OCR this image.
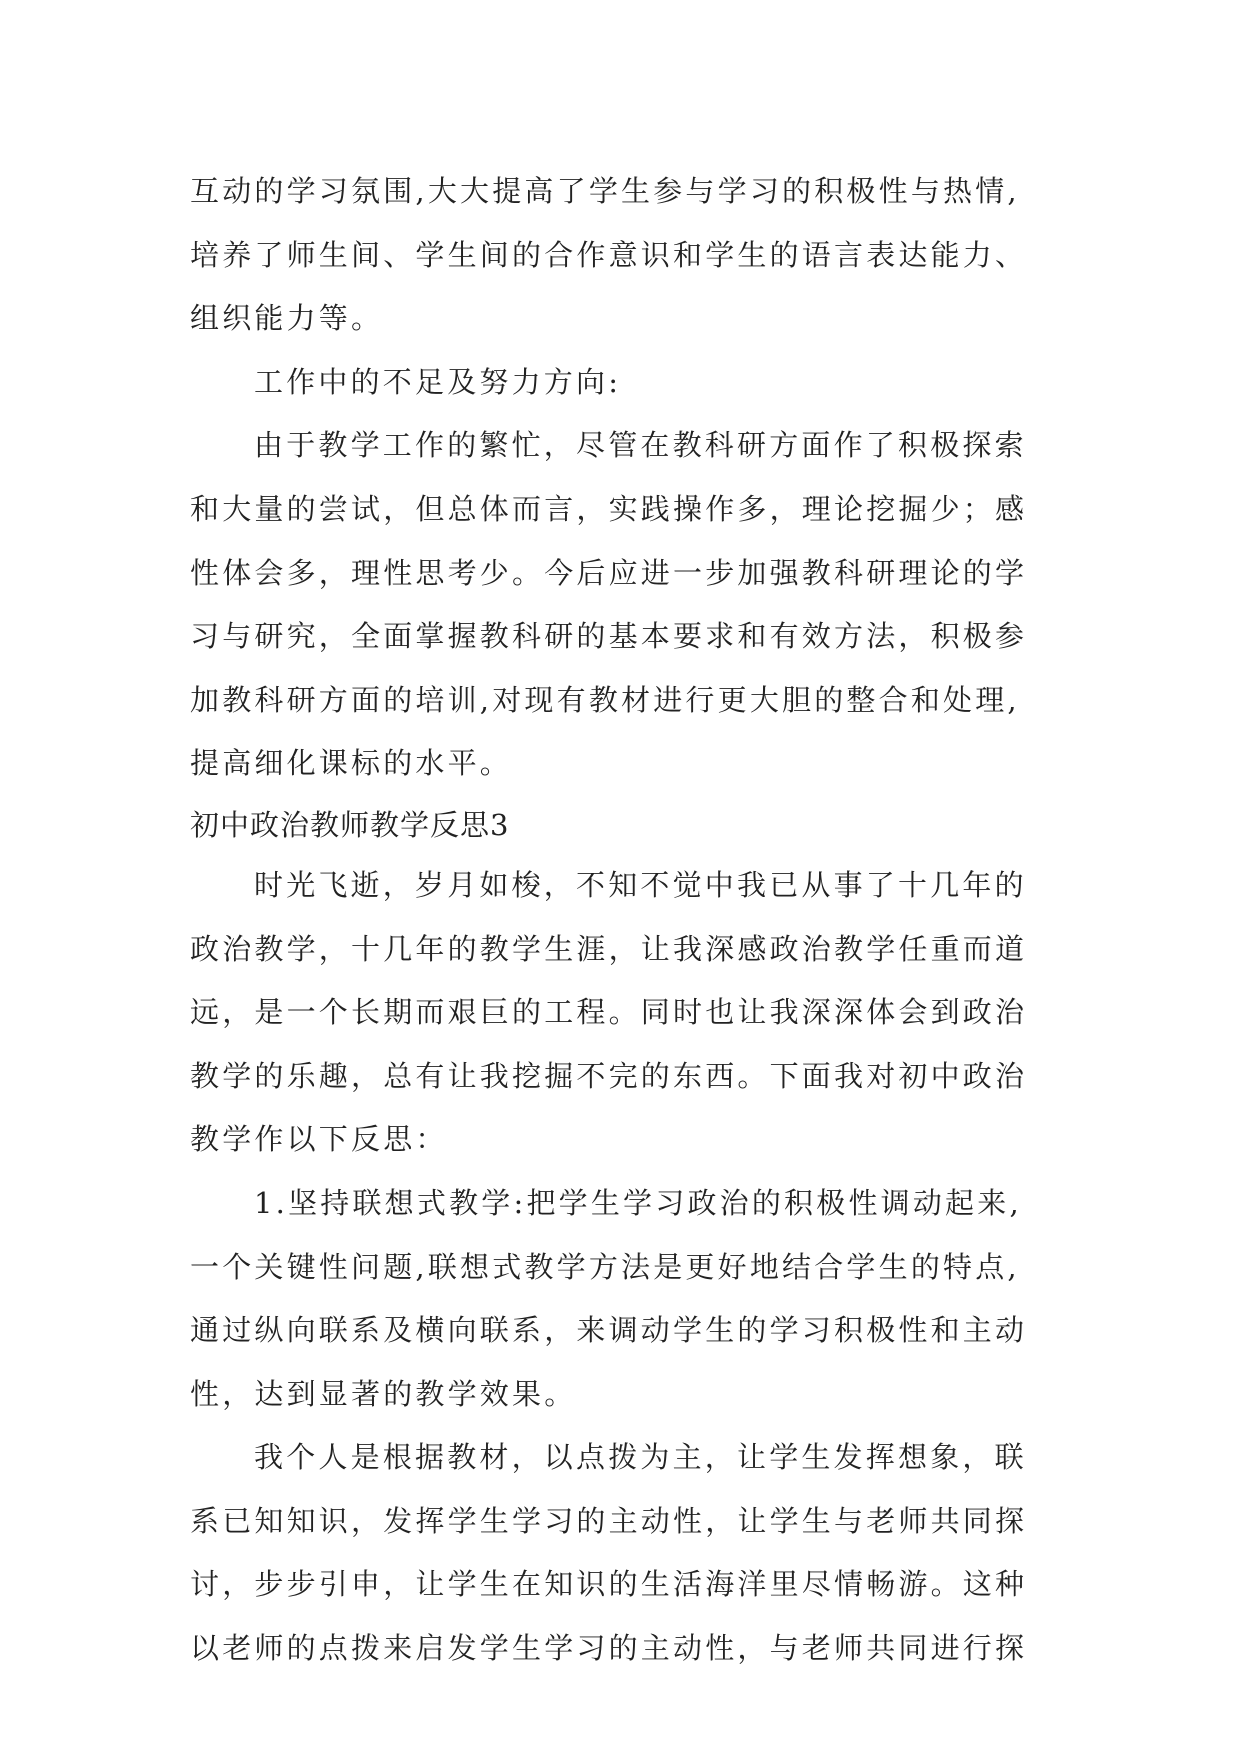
互动的学习氛围,大大提高了学生参与学习的积极性与热情,
培养了师生间、学生间的合作意识和学生的语言表达能力、
组织能力等。
工作中的不足及努力方向:
由于教学工作的繁忙，尽管在教科研方面作了积极探索
和大量的尝试，但总体而言，实践操作多，理论挖掘少；感
性体会多，理性思考少。今后应进一步加强教科研理论的学
习与研究，全面掌握教科研的基本要求和有效方法，积极参
加教科研方面的培训,对现有教材进行更大胆的整合和处理,
提高细化课标的水平。
初中政治教师教学反思3
时光飞逝，岁月如梭，不知不觉中我已从事了十几年的
政治教学，十几年的教学生涯，让我深感政治教学任重而道
远，是一个长期而艰巨的工程。同时也让我深深体会到政治
教学的乐趣，总有让我挖掘不完的东西。下面我对初中政治
教学作以下反思：
1.坚持联想式教学:把学生学习政治的积极性调动起来,
一个关键性问题,联想式教学方法是更好地结合学生的特点,
通过纵向联系及横向联系，来调动学生的学习积极性和主动
性，达到显著的教学效果。
我个人是根据教材，以点拨为主，让学生发挥想象，联
系已知知识，发挥学生学习的主动性，让学生与老师共同探
讨，步步引申，让学生在知识的生活海洋里尽情畅游。这种
以老师的点拨来启发学生学习的主动性，与老师共同进行探
